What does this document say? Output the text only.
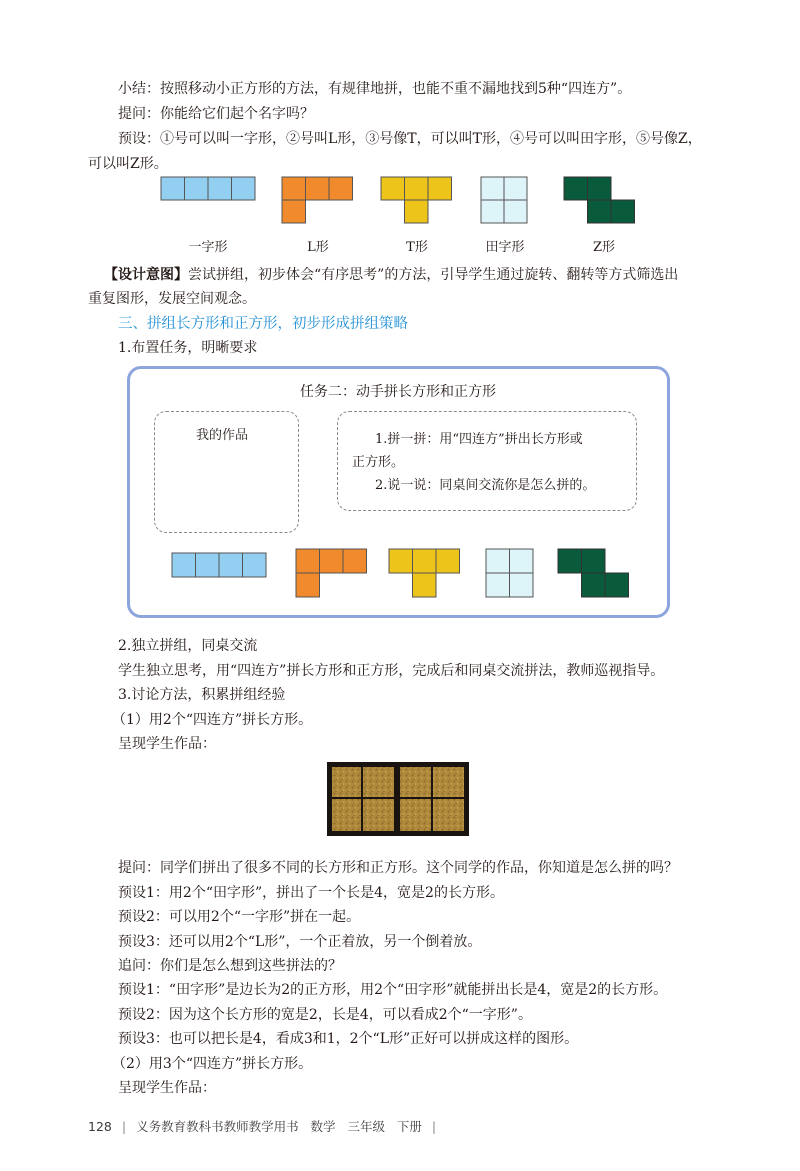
小结：按照移动小正方形的方法，有规律地拼，也能不重不漏地找到5种“四连方”。
提问：你能给它们起个名字吗？
预设：①号可以叫一字形，②号叫L形，③号像T，可以叫T形，④号可以叫田字形，⑤号像Z，
可以叫Z形。
一字形	L形	T形	田字形	Z形
【设计意图】尝试拼组，初步体会“有序思考”的方法，引导学生通过旋转、翻转等方式筛选出
重复图形，发展空间观念。
三、拼组长方形和正方形，初步形成拼组策略
1.布置任务，明晰要求
任务二：动手拼长方形和正方形
我的作品	1.拼一拼：用“四连方”拼出长方形或
正方形。
2.说一说：同桌间交流你是怎么拼的。
2.独立拼组，同桌交流
学生独立思考，用“四连方”拼长方形和正方形，完成后和同桌交流拼法，教师巡视指导。
3.讨论方法，积累拼组经验
（1）用2个“四连方”拼长方形。
呈现学生作品：
提问：同学们拼出了很多不同的长方形和正方形。这个同学的作品，你知道是怎么拼的吗？
预设1：用2个“田字形”，拼出了一个长是4，宽是2的长方形。
预设2：可以用2个“一字形”拼在一起。
预设3：还可以用2个“L形”，一个正着放，另一个倒着放。
追问：你们是怎么想到这些拼法的？
预设1：“田字形”是边长为2的正方形，用2个“田字形”就能拼出长是4，宽是2的长方形。
预设2：因为这个长方形的宽是2，长是4，可以看成2个“一字形”。
预设3：也可以把长是4，看成3和1，2个“L形”正好可以拼成这样的图形。
（2）用3个“四连方”拼长方形。
呈现学生作品：
128 | 义务教育教科书教师教学用书 数学 三年级 下册 |
